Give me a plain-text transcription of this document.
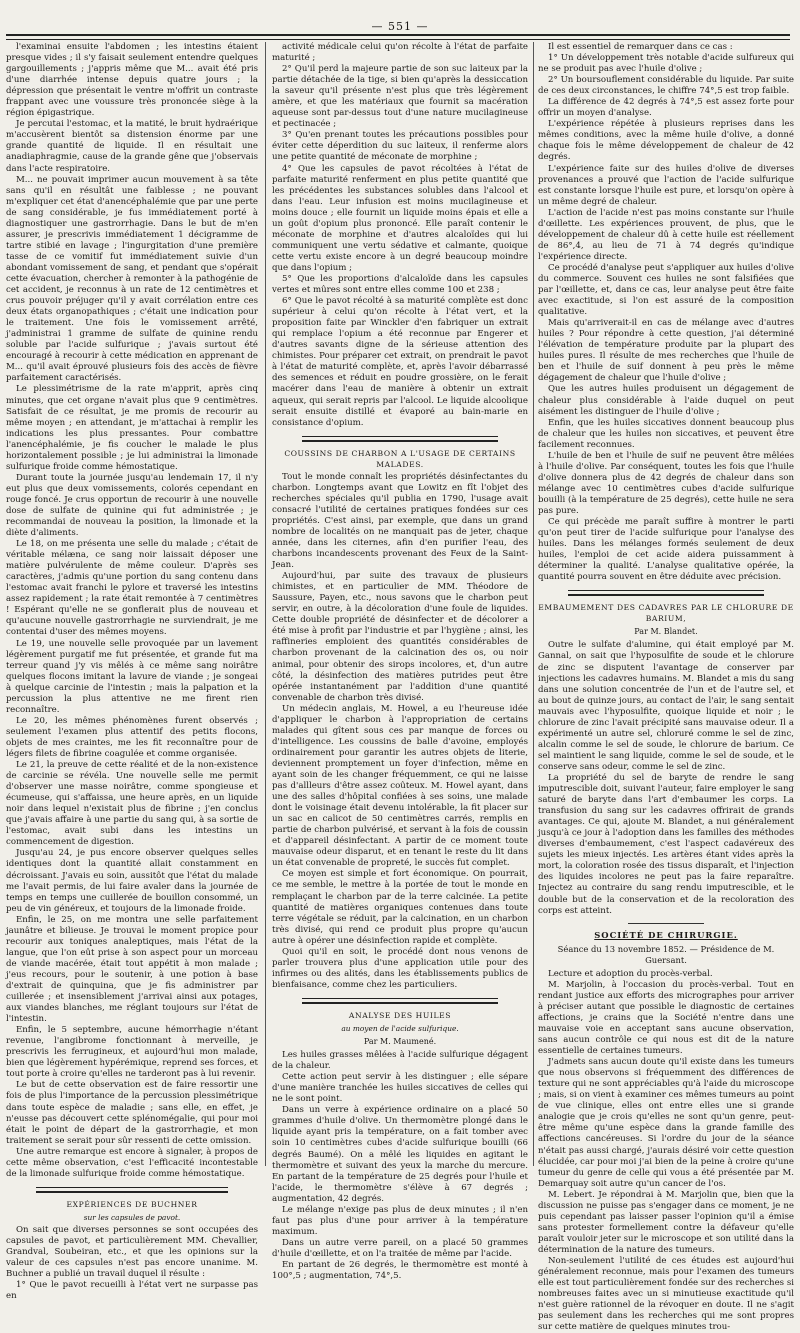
— 551 —

l'examinai ensuite l'abdomen ; les intestins étaient presque vides ; il s'y faisait seulement entendre quelques gargouillements ; j'appris même que M... avait été pris d'une diarrhée intense depuis quatre jours ; la dépression que présentait le ventre m'offrit un contraste frappant avec une voussure très prononcée siège à la région épigastrique.

Je percutai l'estomac, et la matité, le bruit hydraérique m'accusèrent bientôt sa distension énorme par une grande quantité de liquide. Il en résultait une anadiaphragmie, cause de la grande gêne que j'observais dans l'acte respiratoire.

M... ne pouvait imprimer aucun mouvement à sa tête sans qu'il en résultât une faiblesse ; ne pouvant m'expliquer cet état d'anencéphalémie que par une perte de sang considérable, je fus immédiatement porté à diagnostiquer une gastrorrhagie. Dans le but de m'en assurer, je prescrivis immédiatement 1 décigramme de tartre stibié en lavage ; l'ingurgitation d'une première tasse de ce vomitif fut immédiatement suivie d'un abondant vomissement de sang, et pendant que s'opérait cette évacuation, chercher à remonter à la pathogénie de cet accident, je reconnus à un rate de 12 centimètres et crus pouvoir préjuger qu'il y avait corrélation entre ces deux états organopathiques ; c'était une indication pour le traitement. Une fois le vomissement arrêté, j'administrai 1 gramme de sulfate de quinine rendu soluble par l'acide sulfurique ; j'avais surtout été encouragé à recourir à cette médication en apprenant de M... qu'il avait éprouvé plusieurs fois des accès de fièvre parfaitement caractérisés.

Le plessimétrisme de la rate m'apprit, après cinq minutes, que cet organe n'avait plus que 9 centimètres. Satisfait de ce résultat, je me promis de recourir au même moyen ; en attendant, je m'attachai à remplir les indications les plus pressantes. Pour combattre l'anencéphalémie, je fis coucher le malade le plus horizontalement possible ; je lui administrai la limonade sulfurique froide comme hémostatique.

Durant toute la journée jusqu'au lendemain 17, il n'y eut plus que deux vomissements, colorés cependant en rouge foncé. Je crus opportun de recourir à une nouvelle dose de sulfate de quinine qui fut administrée ; je recommandai de nouveau la position, la limonade et la diète d'aliments.

Le 18, on me présenta une selle du malade ; c'était de véritable mélæna, ce sang noir laissait déposer une matière pulvérulente de même couleur. D'après ses caractères, j'admis qu'une portion du sang contenu dans l'estomac avait franchi le pylore et traversé les intestins assez rapidement ; la rate était remontée à 7 centimètres ! Espérant qu'elle ne se gonflerait plus de nouveau et qu'aucune nouvelle gastrorrhagie ne surviendrait, je me contentai d'user des mêmes moyens.

Le 19, une nouvelle selle provoquée par un lavement légèrement purgatif me fut présentée, et grande fut ma terreur quand j'y vis mêlés à ce même sang noirâtre quelques flocons imitant la lavure de viande ; je songeai à quelque carcinie de l'intestin ; mais la palpation et la percussion la plus attentive ne me firent rien reconnaître.

Le 20, les mêmes phénomènes furent observés ; seulement l'examen plus attentif des petits flocons, objets de mes craintes, me les fit reconnaître pour de légers filets de fibrine coagulée et comme organisée.

Le 21, la preuve de cette réalité et de la non-existence de carcinie se révéla. Une nouvelle selle me permit d'observer une masse noirâtre, comme spongieuse et écumeuse, qui s'affaissa, une heure après, en un liquide noir dans lequel n'existait plus de fibrine ; j'en conclus que j'avais affaire à une partie du sang qui, à sa sortie de l'estomac, avait subi dans les intestins un commencement de digestion.

Jusqu'au 24, je pus encore observer quelques selles identiques dont la quantité allait constamment en décroissant. J'avais eu soin, aussitôt que l'état du malade me l'avait permis, de lui faire avaler dans la journée de temps en temps une cuillerée de bouillon consommé, un peu de vin généreux, et toujours de la limonade froide.

Enfin, le 25, on me montra une selle parfaitement jaunâtre et bilieuse. Je trouvai le moment propice pour recourir aux toniques analeptiques, mais l'état de la langue, que l'on eût prise à son aspect pour un morceau de viande macérée, était tout appétit à mon malade ; j'eus recours, pour le soutenir, à une potion à base d'extrait de quinquina, que je fis administrer par cuillerée ; et insensiblement j'arrivai ainsi aux potages, aux viandes blanches, me réglant toujours sur l'état de l'intestin.

Enfin, le 5 septembre, aucune hémorrhagie n'étant revenue, l'angibrome fonctionnant à merveille, je prescrivis les ferrugineux, et aujourd'hui mon malade, bien que légèrement hypérémique, reprend ses forces, et tout porte à croire qu'elles ne tarderont pas à lui revenir.

Le but de cette observation est de faire ressortir une fois de plus l'importance de la percussion plessimétrique dans toute espèce de maladie ; sans elle, en effet, je n'eusse pas découvert cette splénomégalie, qui pour moi était le point de départ de la gastrorrhagie, et mon traitement se serait pour sûr ressenti de cette omission.

Une autre remarque est encore à signaler, à propos de cette même observation, c'est l'efficacité incontestable de la limonade sulfurique froide comme hémostatique.

EXPÉRIENCES DE BUCHNER
sur les capsules de pavot.

On sait que diverses personnes se sont occupées des capsules de pavot, et particulièrement MM. Chevallier, Grandval, Soubeiran, etc., et que les opinions sur la valeur de ces capsules n'est pas encore unanime. M. Buchner a publié un travail duquel il résulte :

1° Que le pavot recueilli à l'état vert ne surpasse pas en

activité médicale celui qu'on récolte à l'état de parfaite maturité ;

2° Qu'il perd la majeure partie de son suc laiteux par la partie détachée de la tige, si bien qu'après la dessiccation la saveur qu'il présente n'est plus que très légèrement amère, et que les matériaux que fournit sa macération aqueuse sont par-dessus tout d'une nature mucilagineuse et pectinacée ;

3° Qu'en prenant toutes les précautions possibles pour éviter cette déperdition du suc laiteux, il renferme alors une petite quantité de méconate de morphine ;

4° Que les capsules de pavot récoltées à l'état de parfaite maturité renferment en plus petite quantité que les précédentes les substances solubles dans l'alcool et dans l'eau. Leur infusion est moins mucilagineuse et moins douce ; elle fournit un liquide moins épais et elle a un goût d'opium plus prononcé. Elle paraît contenir le méconate de morphine et d'autres alcaloïdes qui lui communiquent une vertu sédative et calmante, quoique cette vertu existe encore à un degré beaucoup moindre que dans l'opium ;

5° Que les proportions d'alcaloïde dans les capsules vertes et mûres sont entre elles comme 100 et 238 ;

6° Que le pavot récolté à sa maturité complète est donc supérieur à celui qu'on récolte à l'état vert, et la proposition faite par Winckler d'en fabriquer un extrait qui remplace l'opium a été reconnue par Engerer et d'autres savants digne de la sérieuse attention des chimistes. Pour préparer cet extrait, on prendrait le pavot à l'état de maturité complète, et, après l'avoir débarrassé des semences et réduit en poudre grossière, on le ferait macérer dans l'eau de manière à obtenir un extrait aqueux, qui serait repris par l'alcool. Le liquide alcoolique serait ensuite distillé et évaporé au bain-marie en consistance d'opium.

COUSSINS DE CHARBON A L'USAGE DE CERTAINS MALADES.

Tout le monde connaît les propriétés désinfectantes du charbon. Longtemps avant que Lowitz en fît l'objet des recherches spéciales qu'il publia en 1790, l'usage avait consacré l'utilité de certaines pratiques fondées sur ces propriétés. C'est ainsi, par exemple, que dans un grand nombre de localités on ne manquait pas de jeter, chaque année, dans les citernes, afin d'en purifier l'eau, des charbons incandescents provenant des Feux de la Saint-Jean.

Aujourd'hui, par suite des travaux de plusieurs chimistes, et en particulier de MM. Théodore de Saussure, Payen, etc., nous savons que le charbon peut servir, en outre, à la décoloration d'une foule de liquides. Cette double propriété de désinfecter et de décolorer a été mise à profit par l'industrie et par l'hygiène ; ainsi, les raffineries emploient des quantités considérables de charbon provenant de la calcination des os, ou noir animal, pour obtenir des sirops incolores, et, d'un autre côté, la désinfection des matières putrides peut être opérée instantanément par l'addition d'une quantité convenable de charbon très divisé.

Un médecin anglais, M. Howel, a eu l'heureuse idée d'appliquer le charbon à l'appropriation de certains malades qui gîtent sous ces par manque de forces ou d'intelligence. Les coussins de balle d'avoine, employés ordinairement pour garantir les autres objets de literie, deviennent promptement un foyer d'infection, même en ayant soin de les changer fréquemment, ce qui ne laisse pas d'allleurs d'être assez coûteux. M. Howel ayant, dans une des salles d'hôpital confiées à ses soins, une malade dont le voisinage était devenu intolérable, la fit placer sur un sac en calicot de 50 centimètres carrés, remplis en partie de charbon pulvérisé, et servant à la fois de coussin et d'appareil désinfectant. A partir de ce moment toute mauvaise odeur disparut, et en tenant le reste du lit dans un état convenable de propreté, le succès fut complet.

Ce moyen est simple et fort économique. On pourrait, ce me semble, le mettre à la portée de tout le monde en remplaçant le charbon par de la terre calcinée. La petite quantité de matières organiques contenues dans toute terre végétale se réduit, par la calcination, en un charbon très divisé, qui rend ce produit plus propre qu'aucun autre à opérer une désinfection rapide et complète.

Quoi qu'il en soit, le procédé dont nous venons de parler trouvera plus d'une application utile pour des infirmes ou des alités, dans les établissements publics de bienfaisance, comme chez les particuliers.

ANALYSE DES HUILES
au moyen de l'acide sulfurique.
Par M. Maumené.

Les huiles grasses mêlées à l'acide sulfurique dégagent de la chaleur.

Cette action peut servir à les distinguer ; elle sépare d'une manière tranchée les huiles siccatives de celles qui ne le sont point.

Dans un verre à expérience ordinaire on a placé 50 grammes d'huile d'olive. Un thermomètre plongé dans le liquide ayant pris la température, on a fait tomber avec soin 10 centimètres cubes d'acide sulfurique bouilli (66 degrés Baumé). On a mêlé les liquides en agitant le thermomètre et suivant des yeux la marche du mercure. En partant de la température de 25 degrés pour l'huile et l'acide, le thermomètre s'élève à 67 degrés ; augmentation, 42 degrés.

Le mélange n'exige pas plus de deux minutes ; il n'en faut pas plus d'une pour arriver à la température maximum.

Dans un autre verre pareil, on a placé 50 grammes d'huile d'œillette, et on l'a traitée de même par l'acide.

En partant de 26 degrés, le thermomètre est monté à 100°,5 ; augmentation, 74°,5.

Il est essentiel de remarquer dans ce cas :

1° Un développement très notable d'acide sulfureux qui ne se produit pas avec l'huile d'olive ;

2° Un boursouflement considérable du liquide. Par suite de ces deux circonstances, le chiffre 74°,5 est trop faible.

La différence de 42 degrés à 74°,5 est assez forte pour offrir un moyen d'analyse.

L'expérience répétée à plusieurs reprises dans les mêmes conditions, avec la même huile d'olive, a donné chaque fois le même développement de chaleur de 42 degrés.

L'expérience faite sur des huiles d'olive de diverses provenances a prouvé que l'action de l'acide sulfurique est constante lorsque l'huile est pure, et lorsqu'on opère à un même degré de chaleur.

L'action de l'acide n'est pas moins constante sur l'huile d'œillette. Les expériences prouvent, de plus, que le développement de chaleur dû à cette huile est réellement de 86°,4, au lieu de 71 à 74 degrés qu'indique l'expérience directe.

Ce procédé d'analyse peut s'appliquer aux huiles d'olive du commerce. Souvent ces huiles ne sont falsifiées que par l'œillette, et, dans ce cas, leur analyse peut être faite avec exactitude, si l'on est assuré de la composition qualitative.

Mais qu'arriverait-il en cas de mélange avec d'autres huiles ? Pour répondre à cette question, j'ai déterminé l'élévation de température produite par la plupart des huiles pures. Il résulte de mes recherches que l'huile de ben et l'huile de suif donnent à peu près le même dégagement de chaleur que l'huile d'olive ;

Que les autres huiles produisent un dégagement de chaleur plus considérable à l'aide duquel on peut aisément les distinguer de l'huile d'olive ;

Enfin, que les huiles siccatives donnent beaucoup plus de chaleur que les huiles non siccatives, et peuvent être facilement reconnues.

L'huile de ben et l'huile de suif ne peuvent être mêlées à l'huile d'olive. Par conséquent, toutes les fois que l'huile d'olive donnera plus de 42 degrés de chaleur dans son mélange avec 10 centimètres cubes d'acide sulfurique bouilli (à la température de 25 degrés), cette huile ne sera pas pure.

Ce qui précède me paraît suffire à montrer le parti qu'on peut tirer de l'acide sulfurique pour l'analyse des huiles. Dans les mélanges formés seulement de deux huiles, l'emploi de cet acide aidera puissamment à déterminer la qualité. L'analyse qualitative opérée, la quantité pourra souvent en être déduite avec précision.

EMBAUMEMENT DES CADAVRES PAR LE CHLORURE DE BARIUM,
Par M. Blandet.

Outre le sulfate d'alumine, qui était employé par M. Gannal, on sait que l'hyposulfite de soude et le chlorure de zinc se disputent l'avantage de conserver par injections les cadavres humains. M. Blandet a mis du sang dans une solution concentrée de l'un et de l'autre sel, et au bout de quinze jours, au contact de l'air, le sang sentait mauvais avec l'hyposulfite, quoique liquide et noir ; le chlorure de zinc l'avait précipité sans mauvaise odeur. Il a expérimenté un autre sel, chloruré comme le sel de zinc, alcalin comme le sel de soude, le chlorure de barium. Ce sel maintient le sang liquide, comme le sel de soude, et le conserve sans odeur, comme le sel de zinc.

La propriété du sel de baryte de rendre le sang imputrescible doit, suivant l'auteur, faire employer le sang saturé de baryte dans l'art d'embaumer les corps. La transfusion du sang sur les cadavres offrirait de grands avantages. Ce qui, ajoute M. Blandet, a nui généralement jusqu'à ce jour à l'adoption dans les familles des méthodes diverses d'embaumement, c'est l'aspect cadavéreux des sujets les mieux injectés. Les artères étant vides après la mort, la coloration rosée des tissus disparaît, et l'injection des liquides incolores ne peut pas la faire reparaître. Injectez au contraire du sang rendu imputrescible, et le double but de la conservation et de la recoloration des corps est atteint.

SOCIÉTÉ DE CHIRURGIE.
Séance du 13 novembre 1852. — Présidence de M. Guersant.

Lecture et adoption du procès-verbal.

M. Marjolin, à l'occasion du procès-verbal. Tout en rendant justice aux efforts des micrographes pour arriver à préciser autant que possible le diagnostic de certaines affections, je crains que la Société n'entre dans une mauvaise voie en acceptant sans aucune observation, sans aucun contrôle ce qui nous est dit de la nature essentielle de certaines tumeurs.

J'admets sans aucun doute qu'il existe dans les tumeurs que nous observons si fréquemment des différences de texture qui ne sont appréciables qu'à l'aide du microscope ; mais, si on vient à examiner ces mêmes tumeurs au point de vue clinique, elles ont entre elles une si grande analogie que je crois qu'elles ne sont qu'un genre, peut-être même qu'une espèce dans la grande famille des affections cancéreuses. Si l'ordre du jour de la séance n'était pas aussi chargé, j'aurais désiré voir cette question élucidée, car pour moi j'ai bien de la peine à croire qu'une tumeur du genre de celle qui vous a été présentée par M. Demarquay soit autre qu'un cancer de l'os.

M. Lebert. Je répondrai à M. Marjolin que, bien que la discussion ne puisse pas s'engager dans ce moment, je ne puis cependant pas laisser passer l'opinion qu'il a émise sans protester formellement contre la défaveur qu'elle paraît vouloir jeter sur le microscope et son utilité dans la détermination de la nature des tumeurs.

Non-seulement l'utilité de ces études est aujourd'hui généralement reconnue, mais pour l'examen des tumeurs elle est tout particulièrement fondée sur des recherches si nombreuses faites avec un si minutieuse exactitude qu'il n'est guère rationnel de la révoquer en doute. Il ne s'agit pas seulement dans les recherches qui me sont propres sur cette matière de quelques minutes trou-
